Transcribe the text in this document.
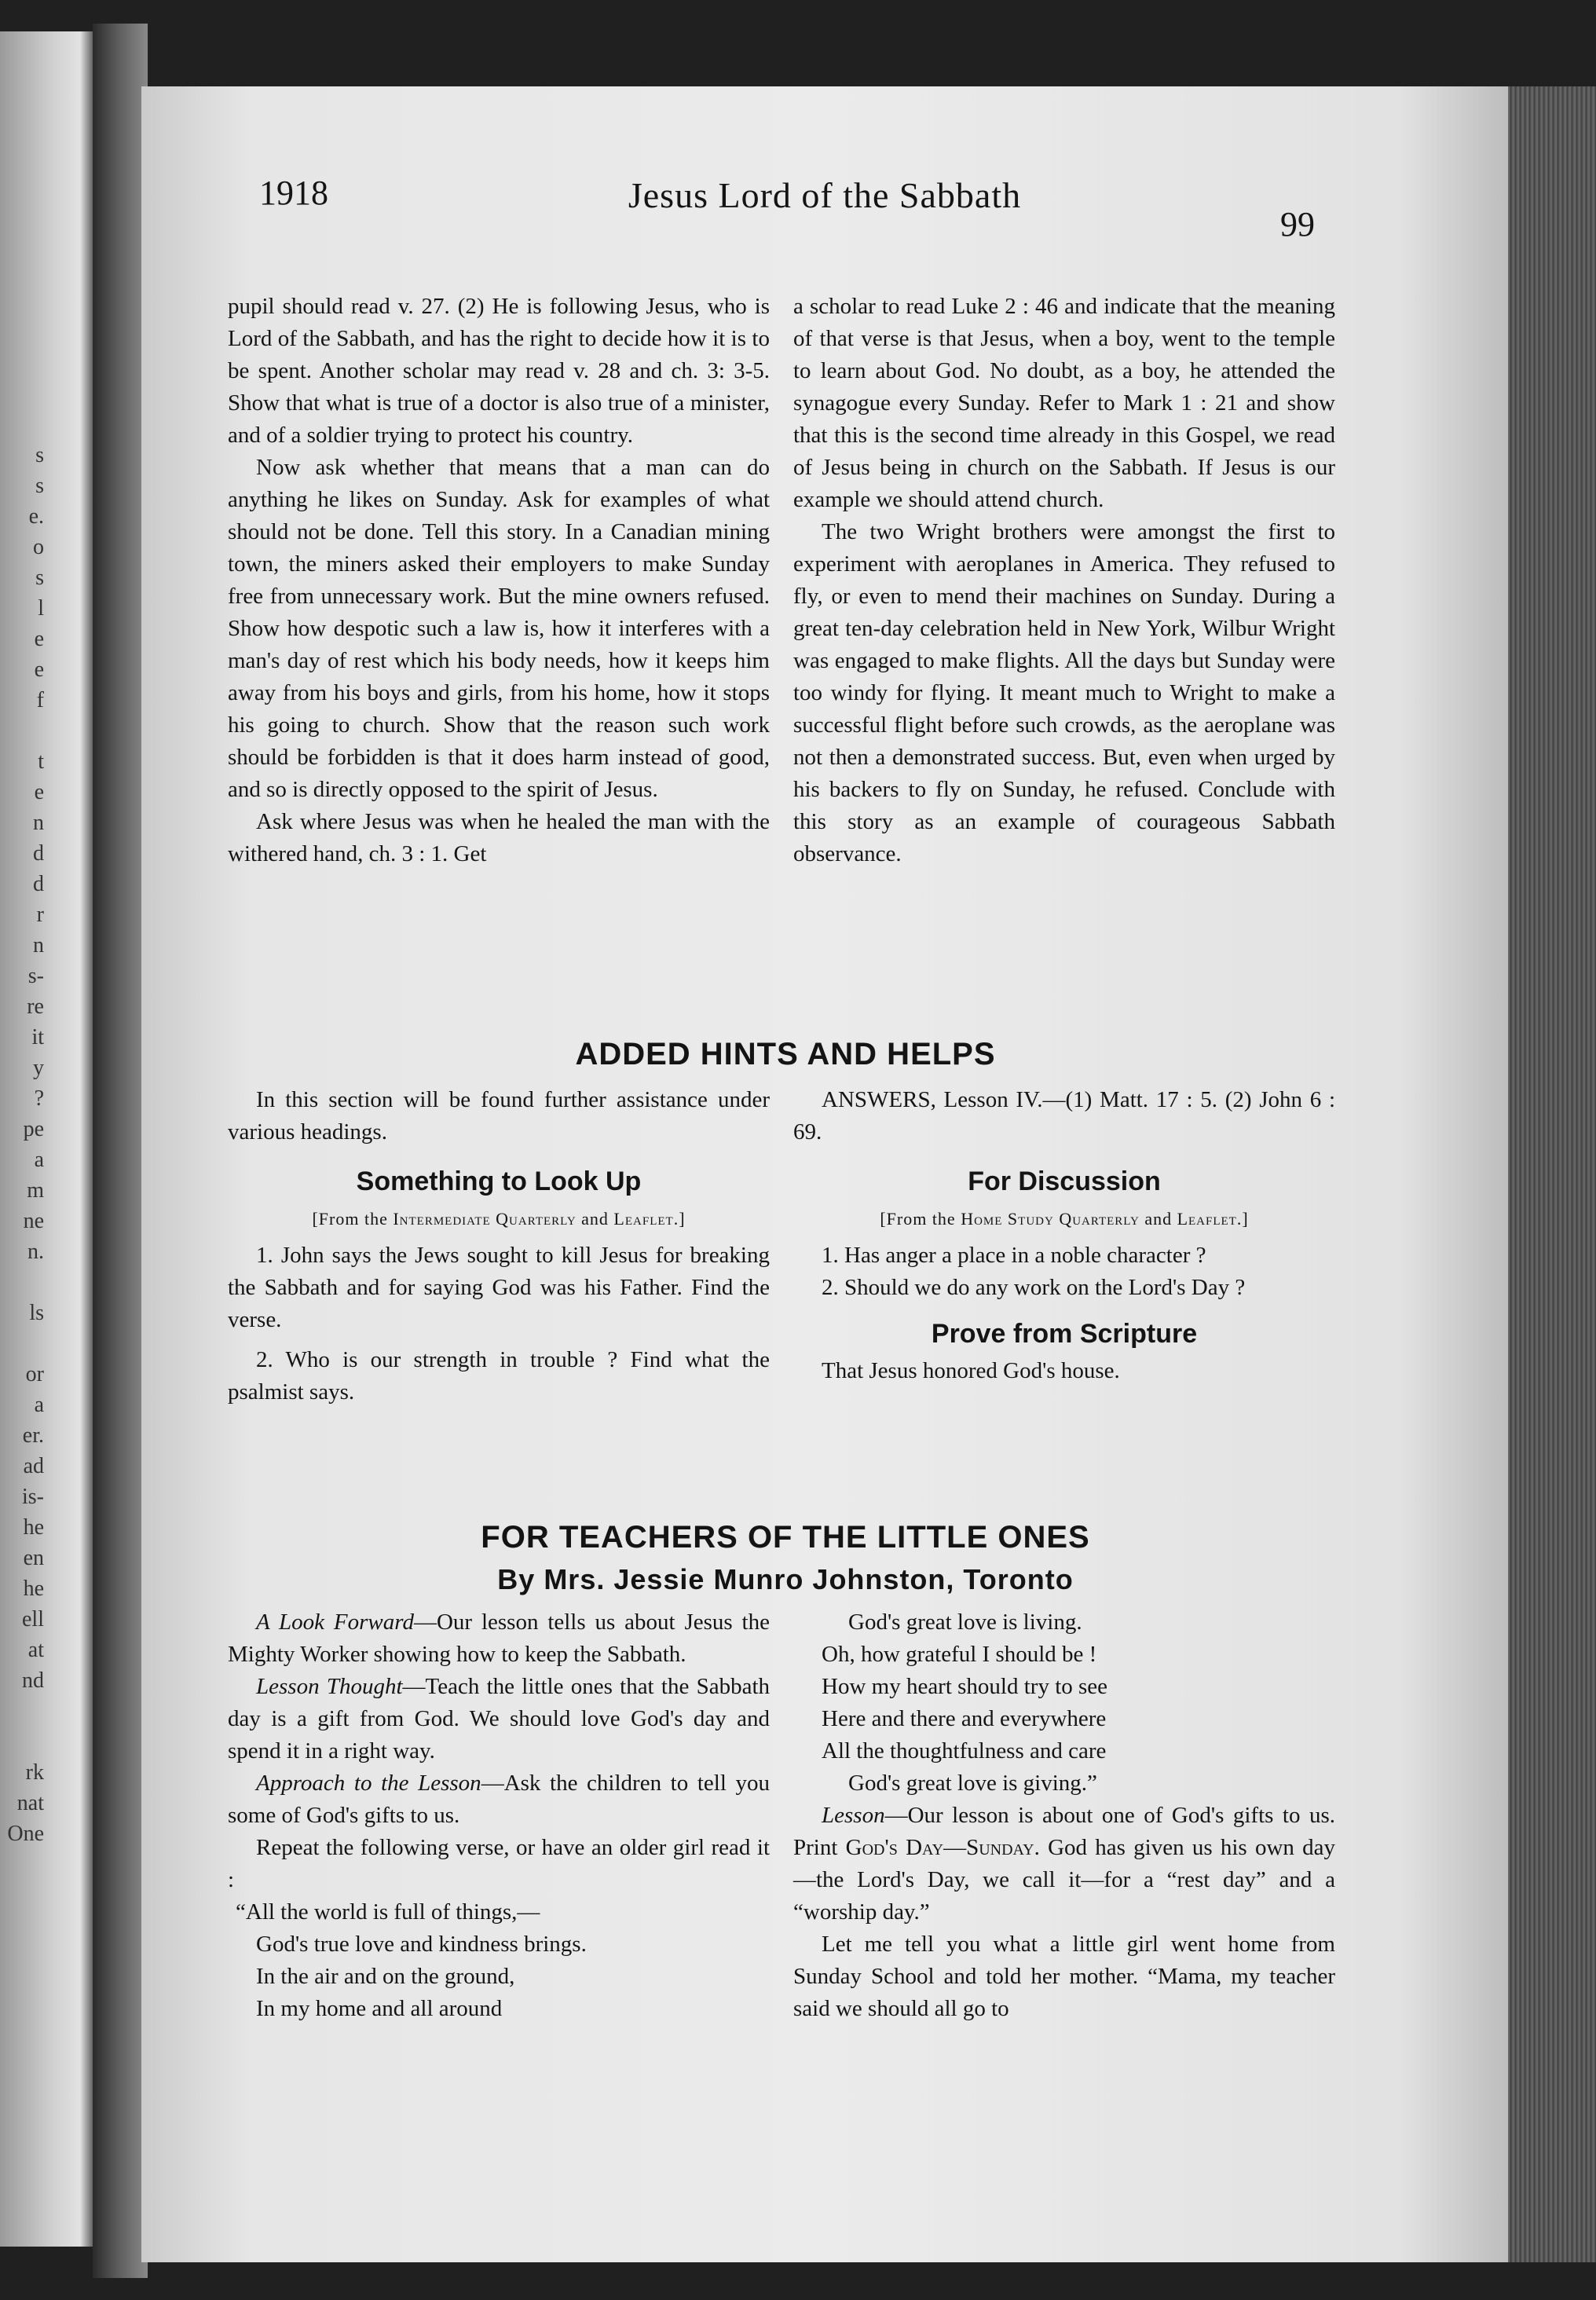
s
s
e.
o
s
l
e
e
f

t
e
n
d
d
r
n
s-
re
it
y
?
pe
a
m
ne
n.

ls

or
a
er.
ad
is-
he
en
he
ell
at
nd

rk
nat
One
1918	Jesus Lord of the Sabbath
99

pupil should read v. 27. (2) He is following Jesus, who is Lord of the Sabbath, and has the right to decide how it is to be spent. Another scholar may read v. 28 and ch. 3: 3-5. Show that what is true of a doctor is also true of a minister, and of a soldier trying to protect his country.

Now ask whether that means that a man can do anything he likes on Sunday. Ask for examples of what should not be done. Tell this story. In a Canadian mining town, the miners asked their employers to make Sunday free from unnecessary work. But the mine owners refused. Show how despotic such a law is, how it interferes with a man's day of rest which his body needs, how it keeps him away from his boys and girls, from his home, how it stops his going to church. Show that the reason such work should be forbidden is that it does harm instead of good, and so is directly opposed to the spirit of Jesus.

Ask where Jesus was when he healed the man with the withered hand, ch. 3 : 1. Get

a scholar to read Luke 2 : 46 and indicate that the meaning of that verse is that Jesus, when a boy, went to the temple to learn about God. No doubt, as a boy, he attended the synagogue every Sunday. Refer to Mark 1 : 21 and show that this is the second time already in this Gospel, we read of Jesus being in church on the Sabbath. If Jesus is our example we should attend church.

The two Wright brothers were amongst the first to experiment with aeroplanes in America. They refused to fly, or even to mend their machines on Sunday. During a great ten-day celebration held in New York, Wilbur Wright was engaged to make flights. All the days but Sunday were too windy for flying. It meant much to Wright to make a successful flight before such crowds, as the aeroplane was not then a demonstrated success. But, even when urged by his backers to fly on Sunday, he refused. Conclude with this story as an example of courageous Sabbath observance.

ADDED HINTS AND HELPS

In this section will be found further assistance under various headings.

Something to Look Up
[From the Intermediate Quarterly and Leaflet.]

1. John says the Jews sought to kill Jesus for breaking the Sabbath and for saying God was his Father. Find the verse.

2. Who is our strength in trouble ? Find what the psalmist says.

ANSWERS, Lesson IV.—(1) Matt. 17 : 5. (2) John 6 : 69.

For Discussion
[From the Home Study Quarterly and Leaflet.]

1. Has anger a place in a noble character ?

2. Should we do any work on the Lord's Day ?

Prove from Scripture

That Jesus honored God's house.

FOR TEACHERS OF THE LITTLE ONES
By Mrs. Jessie Munro Johnston, Toronto

A Look Forward—Our lesson tells us about Jesus the Mighty Worker showing how to keep the Sabbath.

Lesson Thought—Teach the little ones that the Sabbath day is a gift from God. We should love God's day and spend it in a right way.

Approach to the Lesson—Ask the children to tell you some of God's gifts to us.

Repeat the following verse, or have an older girl read it :

“All the world is full of things,—

God's true love and kindness brings.

In the air and on the ground,

In my home and all around

God's great love is living.

Oh, how grateful I should be !

How my heart should try to see

Here and there and everywhere

All the thoughtfulness and care

God's great love is giving.”

Lesson—Our lesson is about one of God's gifts to us. Print God's Day—Sunday. God has given us his own day—the Lord's Day, we call it—for a “rest day” and a “worship day.”

Let me tell you what a little girl went home from Sunday School and told her mother. “Mama, my teacher said we should all go to
